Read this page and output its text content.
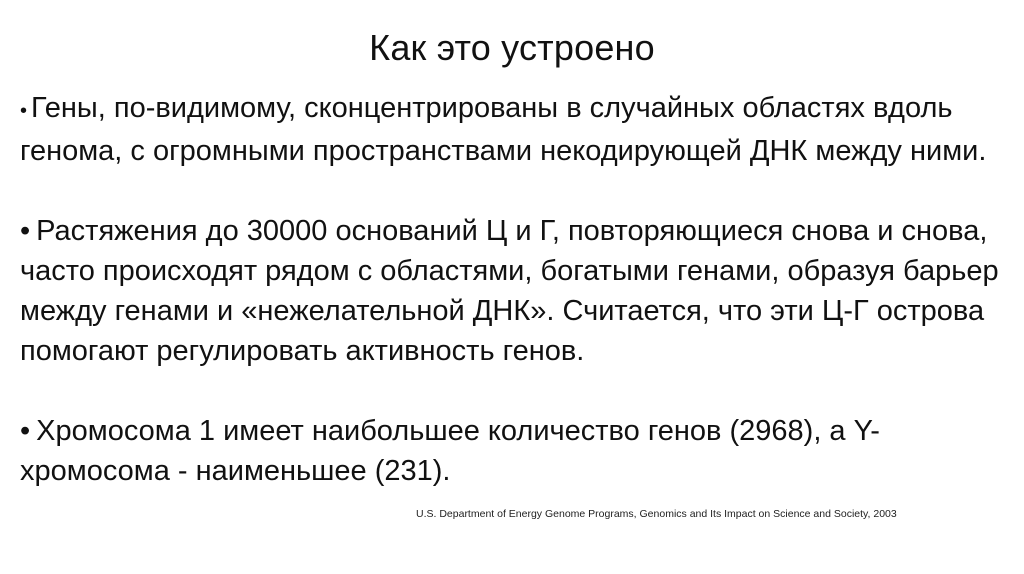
Как это устроено

• Гены, по-видимому, сконцентрированы в случайных областях вдоль генома, с огромными пространствами некодирующей ДНК между ними.

• Растяжения до 30000 оснований Ц и Г, повторяющиеся снова и снова, часто происходят рядом с областями, богатыми генами, образуя барьер между генами и «нежелательной ДНК». Считается, что эти Ц-Г острова помогают регулировать активность генов.

• Хромосома 1 имеет наибольшее количество генов (2968), а Y-хромосома - наименьшее (231).

U.S. Department of Energy Genome Programs, Genomics and Its Impact on Science and Society, 2003
